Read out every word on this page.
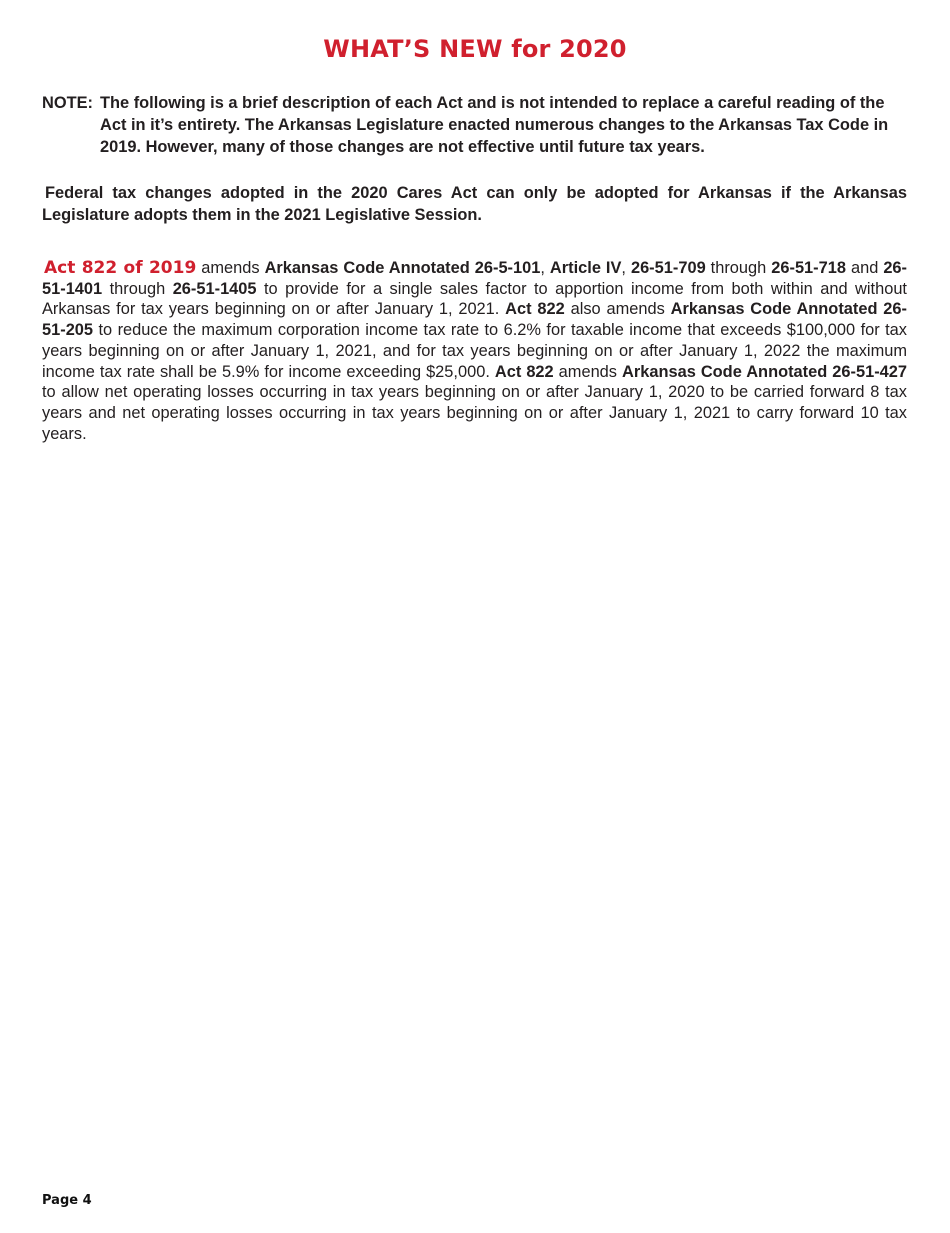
WHAT’S NEW for 2020
NOTE: The following is a brief description of each Act and is not intended to replace a careful reading of the Act in it’s entirety. The Arkansas Legislature enacted numerous changes to the Arkansas Tax Code in 2019. However, many of those changes are not effective until future tax years.

Federal tax changes adopted in the 2020 Cares Act can only be adopted for Arkansas if the Arkansas Legislature adopts them in the 2021 Legislative Session.

Act 822 of 2019 amends Arkansas Code Annotated 26-5-101, Article IV, 26-51-709 through 26-51-718 and 26-51-1401 through 26-51-1405 to provide for a single sales factor to apportion income from both within and without Arkansas for tax years beginning on or after January 1, 2021. Act 822 also amends Arkansas Code Annotated 26-51-205 to reduce the maximum corporation income tax rate to 6.2% for taxable income that exceeds $100,000 for tax years beginning on or after January 1, 2021, and for tax years beginning on or after January 1, 2022 the maximum income tax rate shall be 5.9% for income exceeding $25,000. Act 822 amends Arkansas Code Annotated 26-51-427 to allow net operating losses occurring in tax years beginning on or after January 1, 2020 to be carried forward 8 tax years and net operating losses occurring in tax years beginning on or after January 1, 2021 to carry forward 10 tax years.

Page 4
